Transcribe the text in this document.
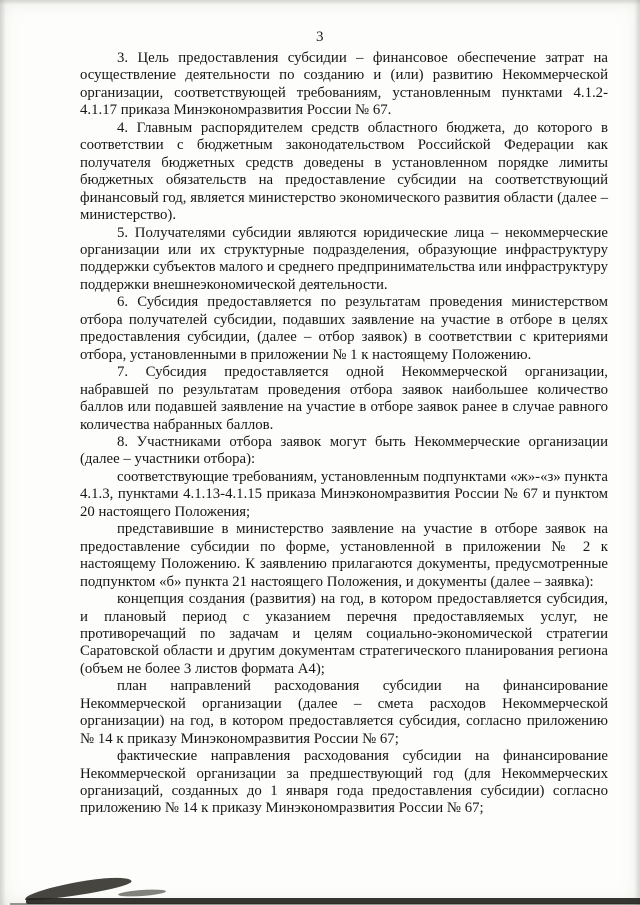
3

3. Цель предоставления субсидии – финансовое обеспечение затрат на осуществление деятельности по созданию и (или) развитию Некоммерческой организации, соответствующей требованиям, установленным пунктами 4.1.2-4.1.17 приказа Минэкономразвития России № 67.

4. Главным распорядителем средств областного бюджета, до которого в соответствии с бюджетным законодательством Российской Федерации как получателя бюджетных средств доведены в установленном порядке лимиты бюджетных обязательств на предоставление субсидии на соответствующий финансовый год, является министерство экономического развития области (далее – министерство).

5. Получателями субсидии являются юридические лица – некоммерческие организации или их структурные подразделения, образующие инфраструктуру поддержки субъектов малого и среднего предпринимательства или инфраструктуру поддержки внешнеэкономической деятельности.

6. Субсидия предоставляется по результатам проведения министерством отбора получателей субсидии, подавших заявление на участие в отборе в целях предоставления субсидии, (далее – отбор заявок) в соответствии с критериями отбора, установленными в приложении № 1 к настоящему Положению.

7. Субсидия предоставляется одной Некоммерческой организации, набравшей по результатам проведения отбора заявок наибольшее количество баллов или подавшей заявление на участие в отборе заявок ранее в случае равного количества набранных баллов.

8. Участниками отбора заявок могут быть Некоммерческие организации (далее – участники отбора):

соответствующие требованиям, установленным подпунктами «ж»-«з» пункта 4.1.3, пунктами 4.1.13-4.1.15 приказа Минэкономразвития России № 67 и пунктом 20 настоящего Положения;

представившие в министерство заявление на участие в отборе заявок на предоставление субсидии по форме, установленной в приложении № 2 к настоящему Положению. К заявлению прилагаются документы, предусмотренные подпунктом «б» пункта 21 настоящего Положения, и документы (далее – заявка):

концепция создания (развития) на год, в котором предоставляется субсидия, и плановый период с указанием перечня предоставляемых услуг, не противоречащий по задачам и целям социально-экономической стратегии Саратовской области и другим документам стратегического планирования региона (объем не более 3 листов формата А4);

план направлений расходования субсидии на финансирование Некоммерческой организации (далее – смета расходов Некоммерческой организации) на год, в котором предоставляется субсидия, согласно приложению № 14 к приказу Минэкономразвития России № 67;

фактические направления расходования субсидии на финансирование Некоммерческой организации за предшествующий год (для Некоммерческих организаций, созданных до 1 января года предоставления субсидии) согласно приложению № 14 к приказу Минэкономразвития России № 67;
